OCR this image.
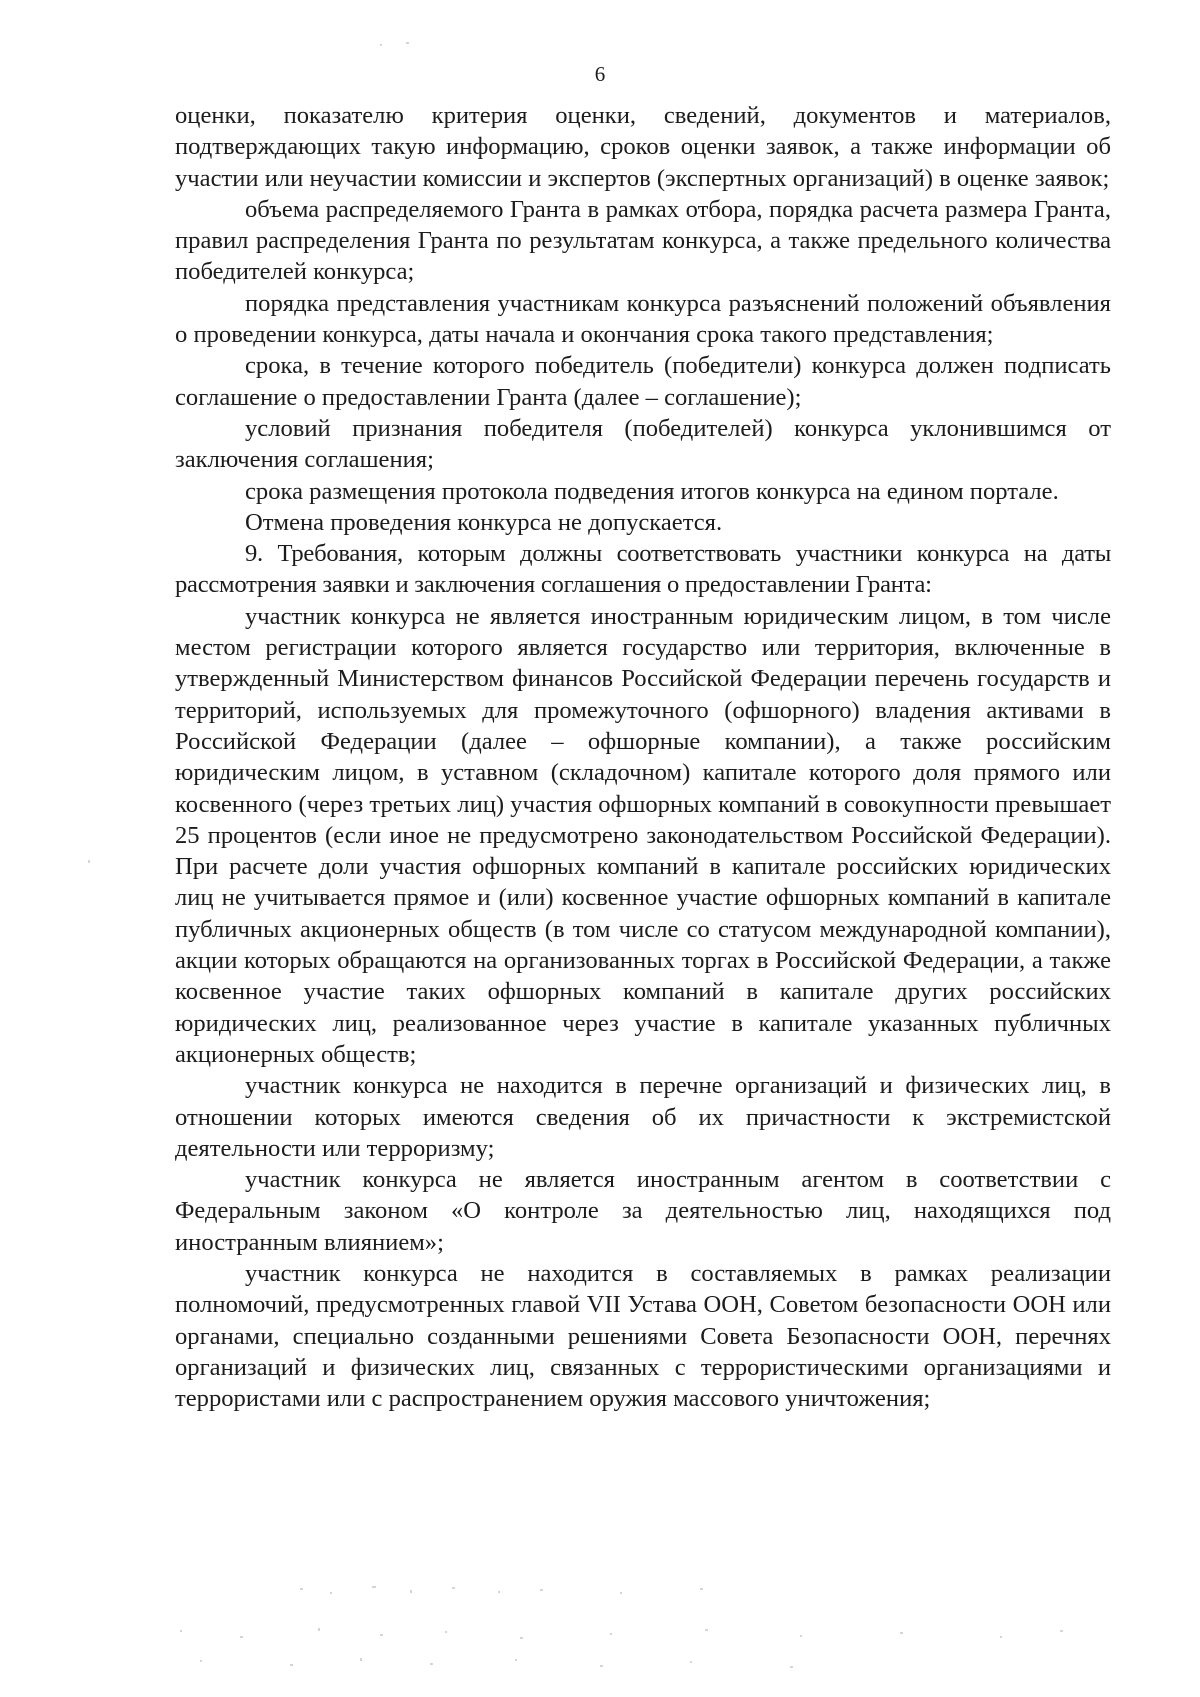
6

оценки, показателю критерия оценки, сведений, документов и материалов, подтверждающих такую информацию, сроков оценки заявок, а также информации об участии или неучастии комиссии и экспертов (экспертных организаций) в оценке заявок;

объема распределяемого Гранта в рамках отбора, порядка расчета размера Гранта, правил распределения Гранта по результатам конкурса, а также предельного количества победителей конкурса;

порядка представления участникам конкурса разъяснений положений объявления о проведении конкурса, даты начала и окончания срока такого представления;

срока, в течение которого победитель (победители) конкурса должен подписать соглашение о предоставлении Гранта (далее – соглашение);

условий признания победителя (победителей) конкурса уклонившимся от заключения соглашения;

срока размещения протокола подведения итогов конкурса на едином портале.

Отмена проведения конкурса не допускается.

9. Требования, которым должны соответствовать участники конкурса на даты рассмотрения заявки и заключения соглашения о предоставлении Гранта:

участник конкурса не является иностранным юридическим лицом, в том числе местом регистрации которого является государство или территория, включенные в утвержденный Министерством финансов Российской Федерации перечень государств и территорий, используемых для промежуточного (офшорного) владения активами в Российской Федерации (далее – офшорные компании), а также российским юридическим лицом, в уставном (складочном) капитале которого доля прямого или косвенного (через третьих лиц) участия офшорных компаний в совокупности превышает 25 процентов (если иное не предусмотрено законодательством Российской Федерации). При расчете доли участия офшорных компаний в капитале российских юридических лиц не учитывается прямое и (или) косвенное участие офшорных компаний в капитале публичных акционерных обществ (в том числе со статусом международной компании), акции которых обращаются на организованных торгах в Российской Федерации, а также косвенное участие таких офшорных компаний в капитале других российских юридических лиц, реализованное через участие в капитале указанных публичных акционерных обществ;

участник конкурса не находится в перечне организаций и физических лиц, в отношении которых имеются сведения об их причастности к экстремистской деятельности или терроризму;

участник конкурса не является иностранным агентом в соответствии с Федеральным законом «О контроле за деятельностью лиц, находящихся под иностранным влиянием»;

участник конкурса не находится в составляемых в рамках реализации полномочий, предусмотренных главой VII Устава ООН, Советом безопасности ООН или органами, специально созданными решениями Совета Безопасности ООН, перечнях организаций и физических лиц, связанных с террористическими организациями и террористами или с распространением оружия массового уничтожения;
